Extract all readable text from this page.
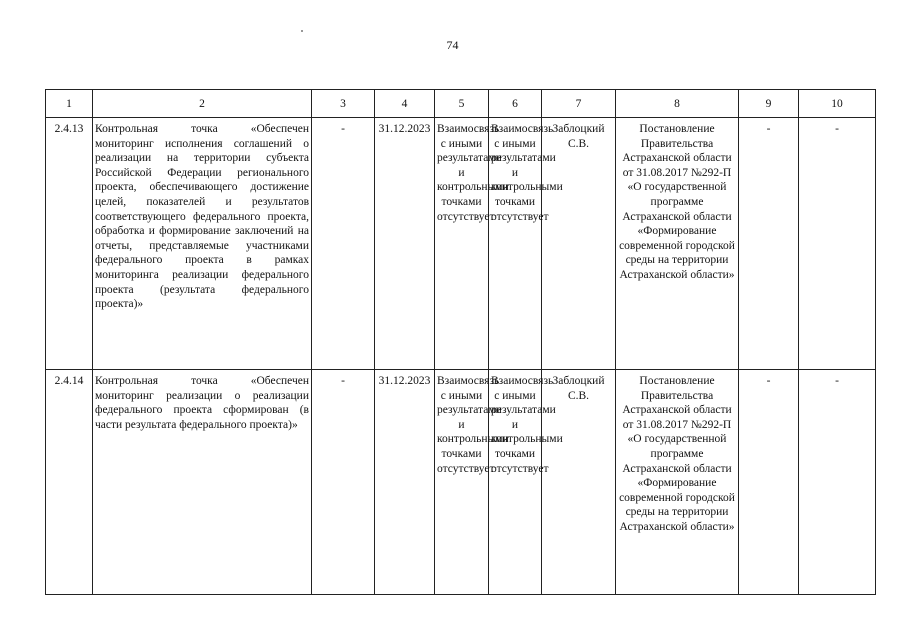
74
1	2	3	4	5	6	7	8	9	10
2.4.13	Контрольная точка «Обеспечен мониторинг исполнения соглашений о реализации на территории субъекта Российской Федерации регионального проекта, обеспечивающего достижение целей, показателей и результатов соответствующего федерального проекта, обработка и формирование заключений на отчеты, представляемые участниками федерального проекта в рамках мониторинга реализации федерального проекта (результата федерального проекта)»	-	31.12.2023	Взаимосвязь с иными результатами и контрольными точками отсутствует	Взаимосвязь с иными результатами и контрольными точками отсутствует	Заблоцкий С.В.	Постановление Правительства Астраханской области от 31.08.2017 №292-П «О государственной программе Астраханской области «Формирование современной городской среды на территории Астраханской области»	-	-
2.4.14	Контрольная точка «Обеспечен мониторинг реализации о реализации федерального проекта сформирован (в части результата федерального проекта)»	-	31.12.2023	Взаимосвязь с иными результатами и контрольными точками отсутствует	Взаимосвязь с иными результатами и контрольными точками отсутствует	Заблоцкий С.В.	Постановление Правительства Астраханской области от 31.08.2017 №292-П «О государственной программе Астраханской области «Формирование современной городской среды на территории Астраханской области»	-	-
